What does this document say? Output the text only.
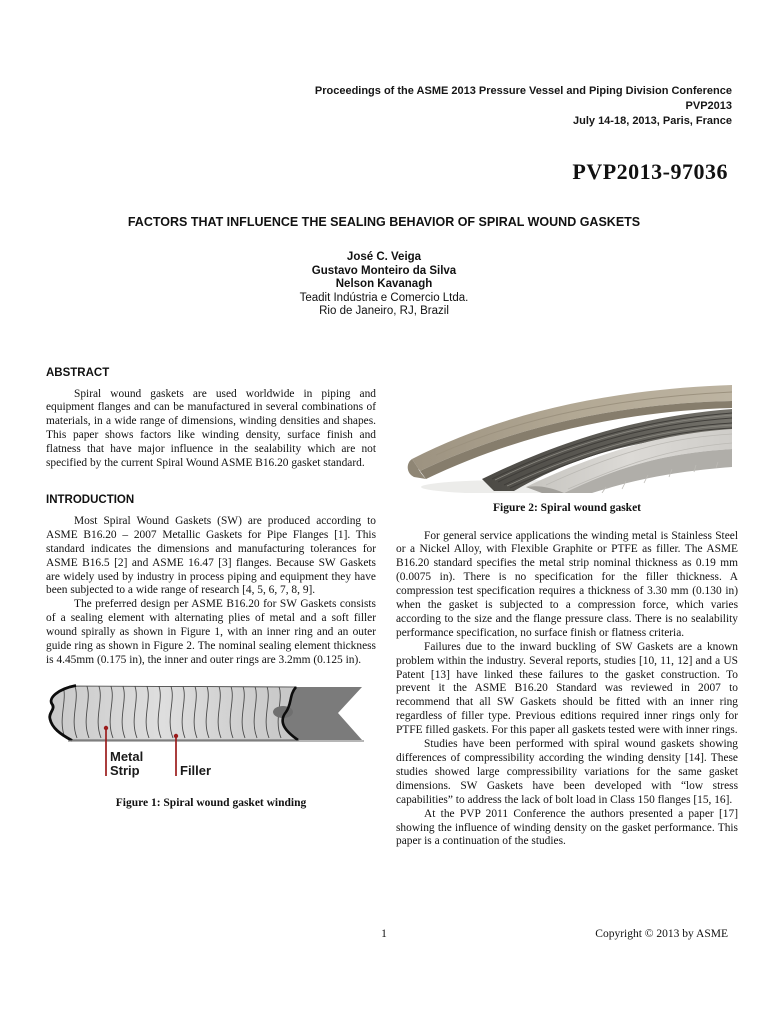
Proceedings of the ASME 2013 Pressure Vessel and Piping Division Conference
PVP2013
July 14-18, 2013, Paris, France
PVP2013-97036
FACTORS THAT INFLUENCE THE SEALING BEHAVIOR OF SPIRAL WOUND GASKETS
José C. Veiga
Gustavo Monteiro da Silva
Nelson Kavanagh
Teadit Indústria e Comercio Ltda.
Rio de Janeiro, RJ, Brazil
ABSTRACT

Spiral wound gaskets are used worldwide in piping and equipment flanges and can be manufactured in several combinations of materials, in a wide range of dimensions, winding densities and shapes. This paper shows factors like winding density, surface finish and flatness that have major influence in the sealability which are not specified by the current Spiral Wound ASME B16.20 gasket standard.

INTRODUCTION

Most Spiral Wound Gaskets (SW) are produced according to ASME B16.20 – 2007 Metallic Gaskets for Pipe Flanges [1]. This standard indicates the dimensions and manufacturing tolerances for ASME B16.5 [2] and ASME 16.47 [3] flanges. Because SW Gaskets are widely used by industry in process piping and equipment they have been subjected to a wide range of research [4, 5, 6, 7, 8, 9].

The preferred design per ASME B16.20 for SW Gaskets consists of a sealing element with alternating plies of metal and a soft filler wound spirally as shown in Figure 1, with an inner ring and an outer guide ring as shown in Figure 2. The nominal sealing element thickness is 4.45mm (0.175 in), the inner and outer rings are 3.2mm (0.125 in).

Metal
Strip	Filler
Figure 1: Spiral wound gasket winding
Figure 2: Spiral wound gasket

For general service applications the winding metal is Stainless Steel or a Nickel Alloy, with Flexible Graphite or PTFE as filler. The ASME B16.20 standard specifies the metal strip nominal thickness as 0.19 mm (0.0075 in). There is no specification for the filler thickness. A compression test specification requires a thickness of 3.30 mm (0.130 in) when the gasket is subjected to a compression force, which varies according to the size and the flange pressure class. There is no sealability performance specification, no surface finish or flatness criteria.

Failures due to the inward buckling of SW Gaskets are a known problem within the industry. Several reports, studies [10, 11, 12] and a US Patent [13] have linked these failures to the gasket construction. To prevent it the ASME B16.20 Standard was reviewed in 2007 to recommend that all SW Gaskets should be fitted with an inner ring regardless of filler type. Previous editions required inner rings only for PTFE filled gaskets. For this paper all gaskets tested were with inner rings.

Studies have been performed with spiral wound gaskets showing differences of compressibility according the winding density [14]. These studies showed large compressibility variations for the same gasket dimensions. SW Gaskets have been developed with “low stress capabilities” to address the lack of bolt load in Class 150 flanges [15, 16].

At the PVP 2011 Conference the authors presented a paper [17] showing the influence of winding density on the gasket performance. This paper is a continuation of the studies.

1	Copyright © 2013 by ASME
